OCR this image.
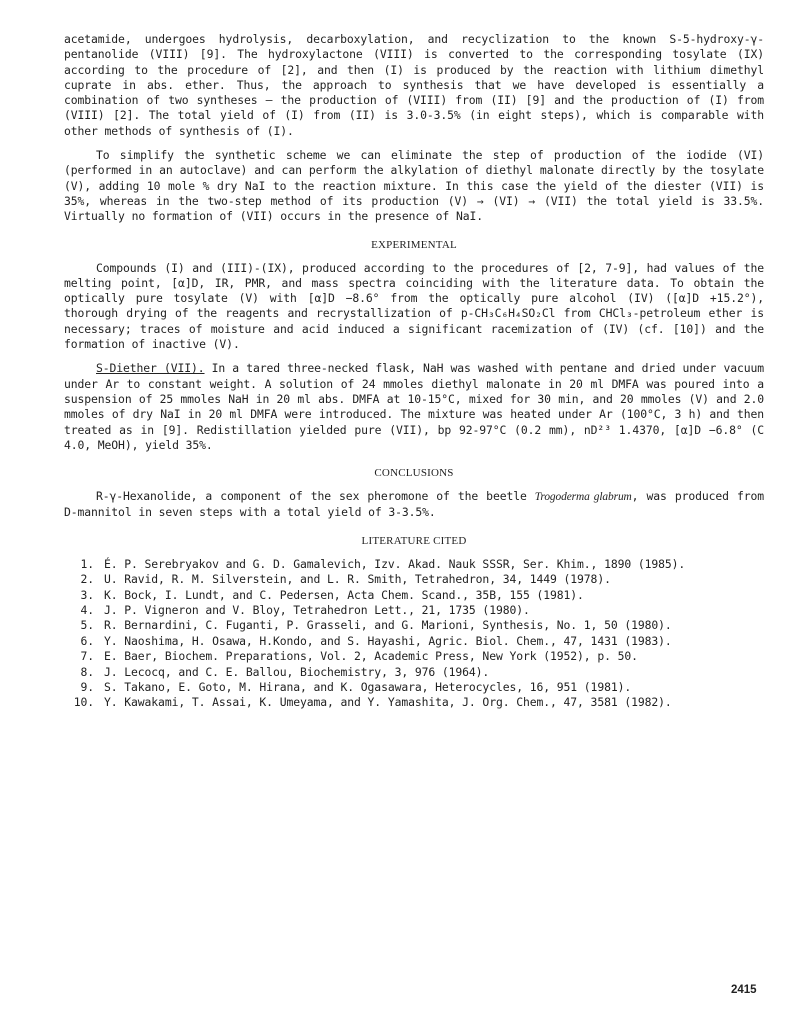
acetamide, undergoes hydrolysis, decarboxylation, and recyclization to the known S-5-hydroxy-γ-pentanolide (VIII) [9]. The hydroxylactone (VIII) is converted to the corresponding tosylate (IX) according to the procedure of [2], and then (I) is produced by the reaction with lithium dimethyl cuprate in abs. ether. Thus, the approach to synthesis that we have developed is essentially a combination of two syntheses — the production of (VIII) from (II) [9] and the production of (I) from (VIII) [2]. The total yield of (I) from (II) is 3.0-3.5% (in eight steps), which is comparable with other methods of synthesis of (I).

To simplify the synthetic scheme we can eliminate the step of production of the iodide (VI) (performed in an autoclave) and can perform the alkylation of diethyl malonate directly by the tosylate (V), adding 10 mole % dry NaI to the reaction mixture. In this case the yield of the diester (VII) is 35%, whereas in the two-step method of its production (V) → (VI) → (VII) the total yield is 33.5%. Virtually no formation of (VII) occurs in the presence of NaI.

EXPERIMENTAL

Compounds (I) and (III)-(IX), produced according to the procedures of [2, 7-9], had values of the melting point, [α]D, IR, PMR, and mass spectra coinciding with the literature data. To obtain the optically pure tosylate (V) with [α]D −8.6° from the optically pure alcohol (IV) ([α]D +15.2°), thorough drying of the reagents and recrystallization of p-CH₃C₆H₄SO₂Cl from CHCl₃-petroleum ether is necessary; traces of moisture and acid induced a significant racemization of (IV) (cf. [10]) and the formation of inactive (V).

S-Diether (VII). In a tared three-necked flask, NaH was washed with pentane and dried under vacuum under Ar to constant weight. A solution of 24 mmoles diethyl malonate in 20 ml DMFA was poured into a suspension of 25 mmoles NaH in 20 ml abs. DMFA at 10-15°C, mixed for 30 min, and 20 mmoles (V) and 2.0 mmoles of dry NaI in 20 ml DMFA were introduced. The mixture was heated under Ar (100°C, 3 h) and then treated as in [9]. Redistillation yielded pure (VII), bp 92-97°C (0.2 mm), nD²³ 1.4370, [α]D −6.8° (C 4.0, MeOH), yield 35%.

CONCLUSIONS

R-γ-Hexanolide, a component of the sex pheromone of the beetle Trogoderma glabrum, was produced from D-mannitol in seven steps with a total yield of 3-3.5%.

LITERATURE CITED
1. É. P. Serebryakov and G. D. Gamalevich, Izv. Akad. Nauk SSSR, Ser. Khim., 1890 (1985).
2. U. Ravid, R. M. Silverstein, and L. R. Smith, Tetrahedron, 34, 1449 (1978).
3. K. Bock, I. Lundt, and C. Pedersen, Acta Chem. Scand., 35B, 155 (1981).
4. J. P. Vigneron and V. Bloy, Tetrahedron Lett., 21, 1735 (1980).
5. R. Bernardini, C. Fuganti, P. Grasseli, and G. Marioni, Synthesis, No. 1, 50 (1980).
6. Y. Naoshima, H. Osawa, H.Kondo, and S. Hayashi, Agric. Biol. Chem., 47, 1431 (1983).
7. E. Baer, Biochem. Preparations, Vol. 2, Academic Press, New York (1952), p. 50.
8. J. Lecocq, and C. E. Ballou, Biochemistry, 3, 976 (1964).
9. S. Takano, E. Goto, M. Hirana, and K. Ogasawara, Heterocycles, 16, 951 (1981).
10. Y. Kawakami, T. Assai, K. Umeyama, and Y. Yamashita, J. Org. Chem., 47, 3581 (1982).
2415
